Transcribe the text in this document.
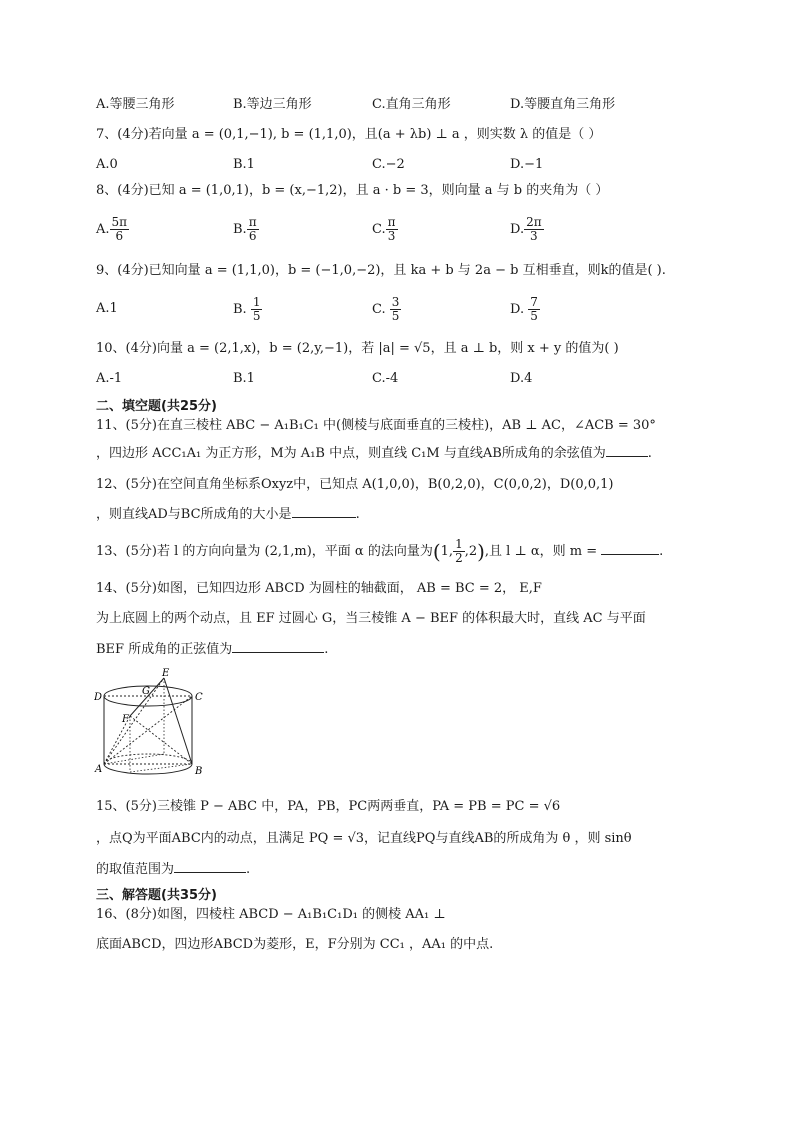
A.等腰三角形	B.等边三角形	C.直角三角形	D.等腰直角三角形
7、(4分)若向量 a = (0,1,−1), b = (1,1,0)，且(a + λb) ⊥ a ，则实数 λ 的值是（ ）
A.0	B.1	C.−2	D.−1
8、(4分)已知 a = (1,0,1)，b = (x,−1,2)，且 a · b = 3，则向量 a 与 b 的夹角为（ ）
A. $\frac{5\pi}{6}$	B. $\frac{\pi}{6}$	C. $\frac{\pi}{3}$	D. $\frac{2\pi}{3}$
9、(4分)已知向量 a = (1,1,0)，b = (−1,0,−2)，且 ka + b 与 2a − b 互相垂直，则k的值是( ).
A.1	B. $\frac{1}{5}$	C. $\frac{3}{5}$	D. $\frac{7}{5}$
10、(4分)向量 a = (2,1,x)，b = (2,y,−1)，若 |a| = √5，且 a ⊥ b，则 x + y 的值为( )
A.-1	B.1	C.-4	D.4
二、填空题(共25分)
11、(5分)在直三棱柱 ABC − A₁B₁C₁ 中(侧棱与底面垂直的三棱柱)，AB ⊥ AC，∠ACB = 30°
，四边形 ACC₁A₁ 为正方形，M为 A₁B 中点，则直线 C₁M 与直线AB所成角的余弦值为	.
12、(5分)在空间直角坐标系Oxyz中，已知点 A(1,0,0)，B(0,2,0)，C(0,0,2)，D(0,0,1)
，则直线AD与BC所成角的大小是	.
13、(5分)若 l 的方向向量为 (2,1,m)，平面 α 的法向量为(1, $\frac{1}{2} ,2$),且 l ⊥ α，则 m =	.
14、(5分)如图，已知四边形 ABCD 为圆柱的轴截面， AB = BC = 2， E,F
为上底圆上的两个动点，且 EF 过圆心 G，当三棱锥 A − BEF 的体积最大时，直线 AC 与平面
BEF 所成角的正弦值为	.
A	B
C
D
E
F
G
15、(5分)三棱锥 P − ABC 中，PA，PB，PC两两垂直，PA = PB = PC = √6
，点Q为平面ABC内的动点，且满足 PQ = √3，记直线PQ与直线AB的所成角为 θ ，则 sinθ
的取值范围为	.
三、解答题(共35分)
16、(8分)如图，四棱柱 ABCD − A₁B₁C₁D₁ 的侧棱 AA₁ ⊥
底面ABCD，四边形ABCD为菱形，E，F分别为 CC₁ ，AA₁ 的中点.
